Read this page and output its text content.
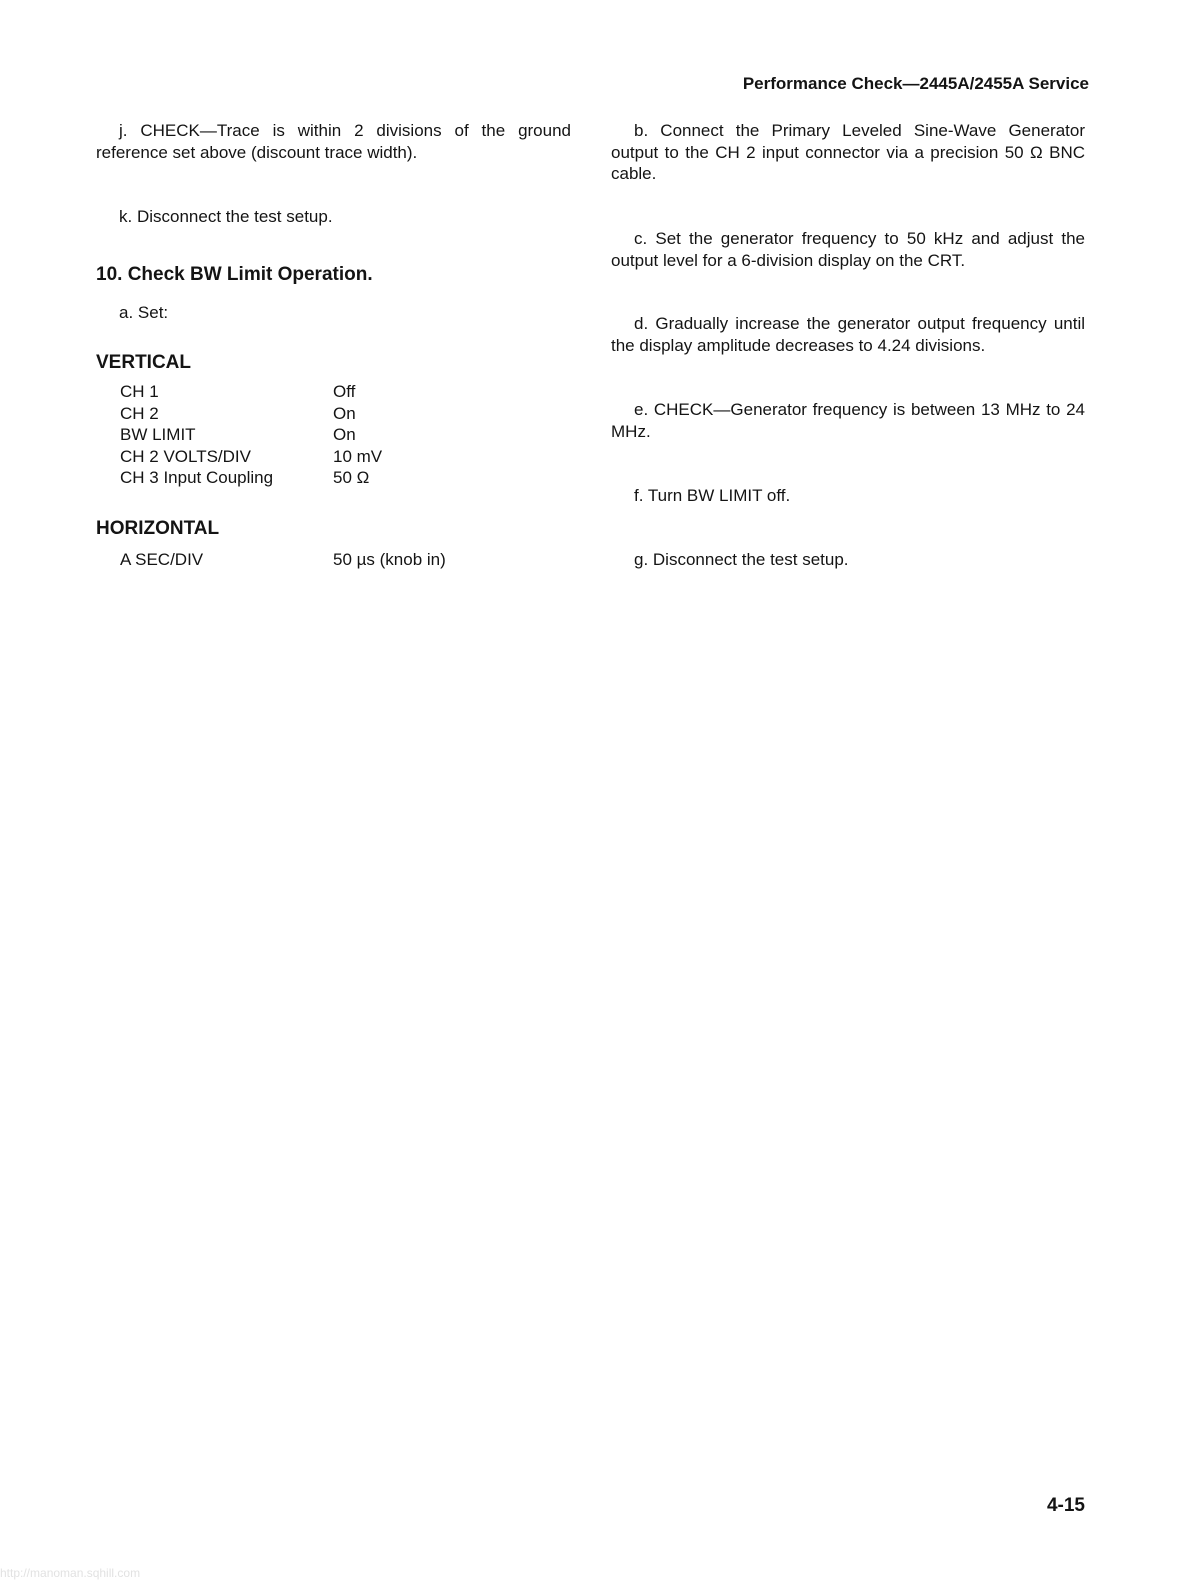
Performance Check—2445A/2455A Service

j. CHECK—Trace is within 2 divisions of the ground reference set above (discount trace width).

k. Disconnect the test setup.

10. Check BW Limit Operation.

a. Set:

VERTICAL
CH 1	Off
CH 2	On
BW LIMIT	On
CH 2 VOLTS/DIV	10 mV
CH 3 Input Coupling	50 Ω
HORIZONTAL
A SEC/DIV	50 µs (knob in)

b. Connect the Primary Leveled Sine-Wave Generator output to the CH 2 input connector via a precision 50 Ω BNC cable.

c. Set the generator frequency to 50 kHz and adjust the output level for a 6-division display on the CRT.

d. Gradually increase the generator output frequency until the display amplitude decreases to 4.24 divisions.

e. CHECK—Generator frequency is between 13 MHz to 24 MHz.

f. Turn BW LIMIT off.

g. Disconnect the test setup.

4-15
http://manoman.sqhill.com
